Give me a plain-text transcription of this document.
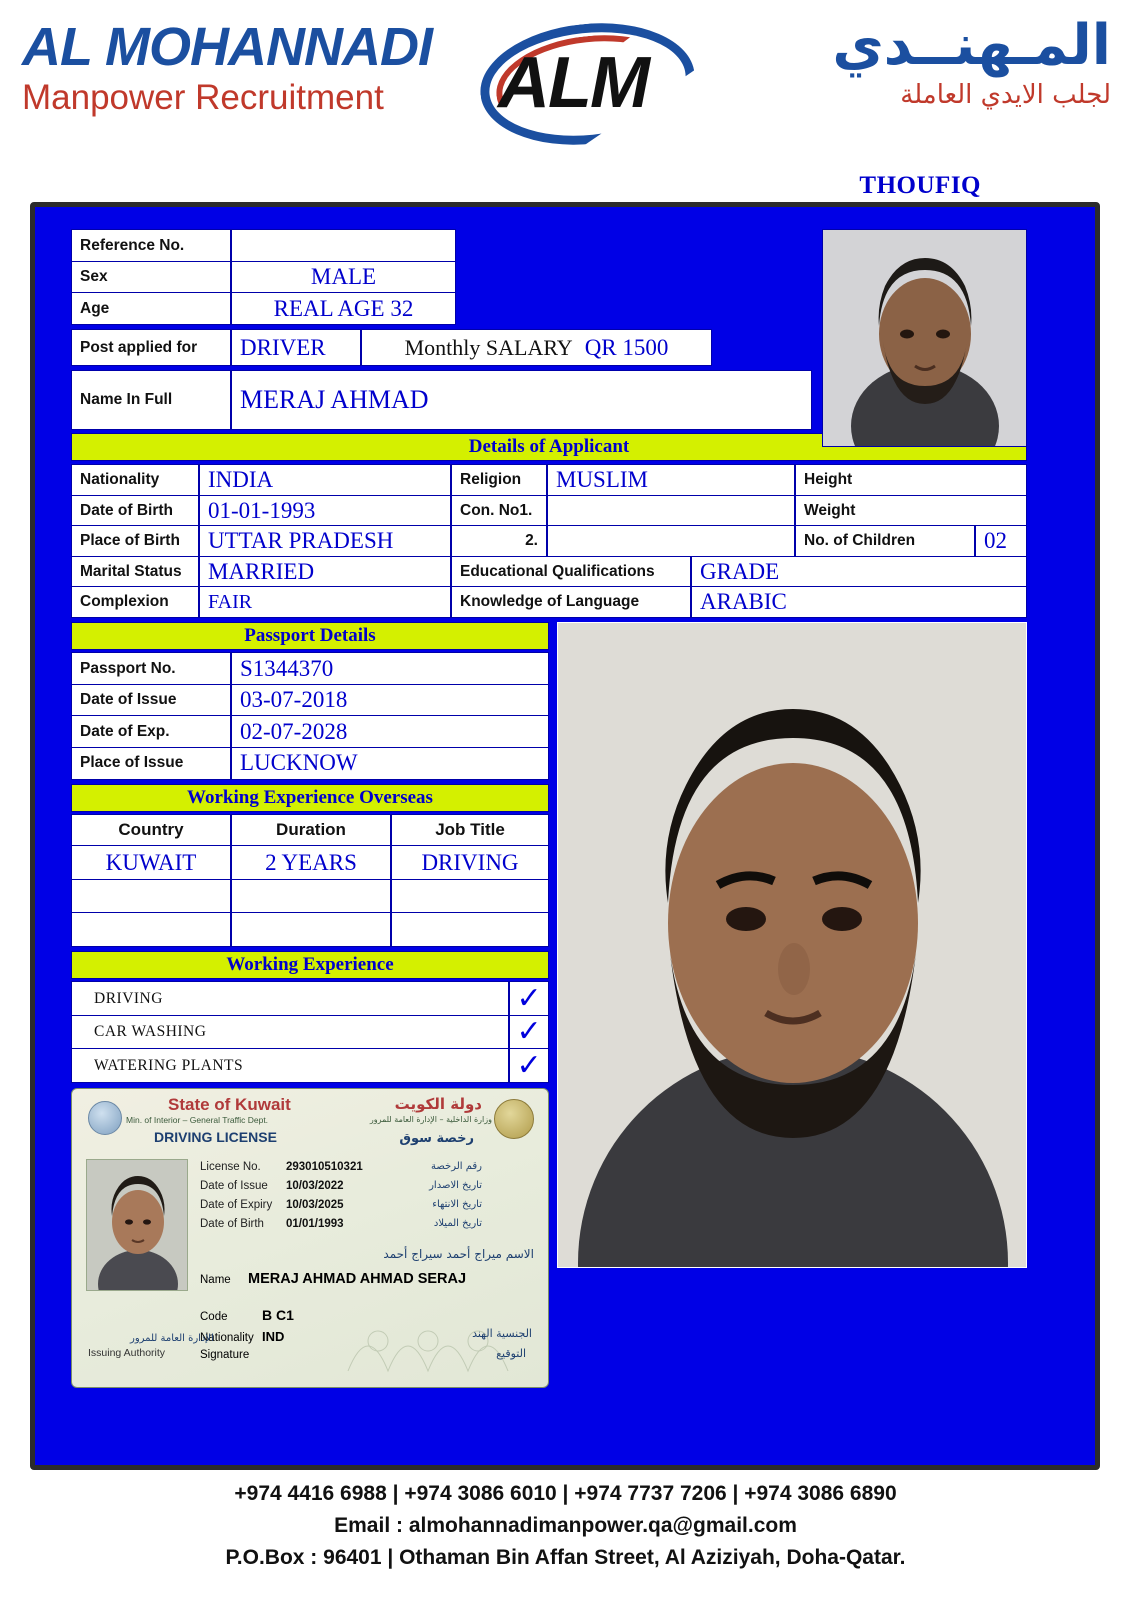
AL MOHANNADI
Manpower Recruitment	ALM	المـهنــدي
لجلب الايدي العاملة
THOUFIQ
Reference No.
Sex	MALE
Age	REAL AGE 32
Post applied for DRIVER	Monthly SALARY QR 1500
Name In Full	MERAJ AHMAD
Details of Applicant
Nationality INDIA	Religion MUSLIM	Height
Date of Birth 01-01-1993	Con. No1.	Weight
Place of Birth UTTAR PRADESH	2.	No. of Children	02
Marital Status MARRIED	Educational Qualifications GRADE
Complexion FAIR	Knowledge of Language	ARABIC
Passport Details
Passport No.	S1344370
Date of Issue	03-07-2018
Date of Exp.	02-07-2028
Place of Issue LUCKNOW
Working Experience Overseas
Country	Duration	Job Title
KUWAIT	2 YEARS	DRIVING
Working Experience
DRIVING	✓
CAR WASHING	✓
WATERING PLANTS	✓
State of Kuwait
Min. of Interior – General Traffic Dept.
DRIVING LICENSE
دولة الكويت
وزارة الداخلية – الإدارة العامة للمرور
رخصة سوق
License No.	293010510321	رقم الرخصة
Date of Issue	10/03/2022	تاريخ الاصدار
Date of Expiry	10/03/2025	تاريخ الانتهاء
Date of Birth	01/01/1993	تاريخ الميلاد
الاسم ميراج أحمد سيراج أحمد
Name	MERAJ AHMAD AHMAD SERAJ
Code	B C1
Nationality IND
Signature
الجنسية الهند
التوقيع
الإدارة العامة للمرور
Issuing Authority
+974 4416 6988 | +974 3086 6010 | +974 7737 7206 | +974 3086 6890
Email : almohannadimanpower.qa@gmail.com
P.O.Box : 96401 | Othaman Bin Affan Street, Al Aziziyah, Doha-Qatar.
